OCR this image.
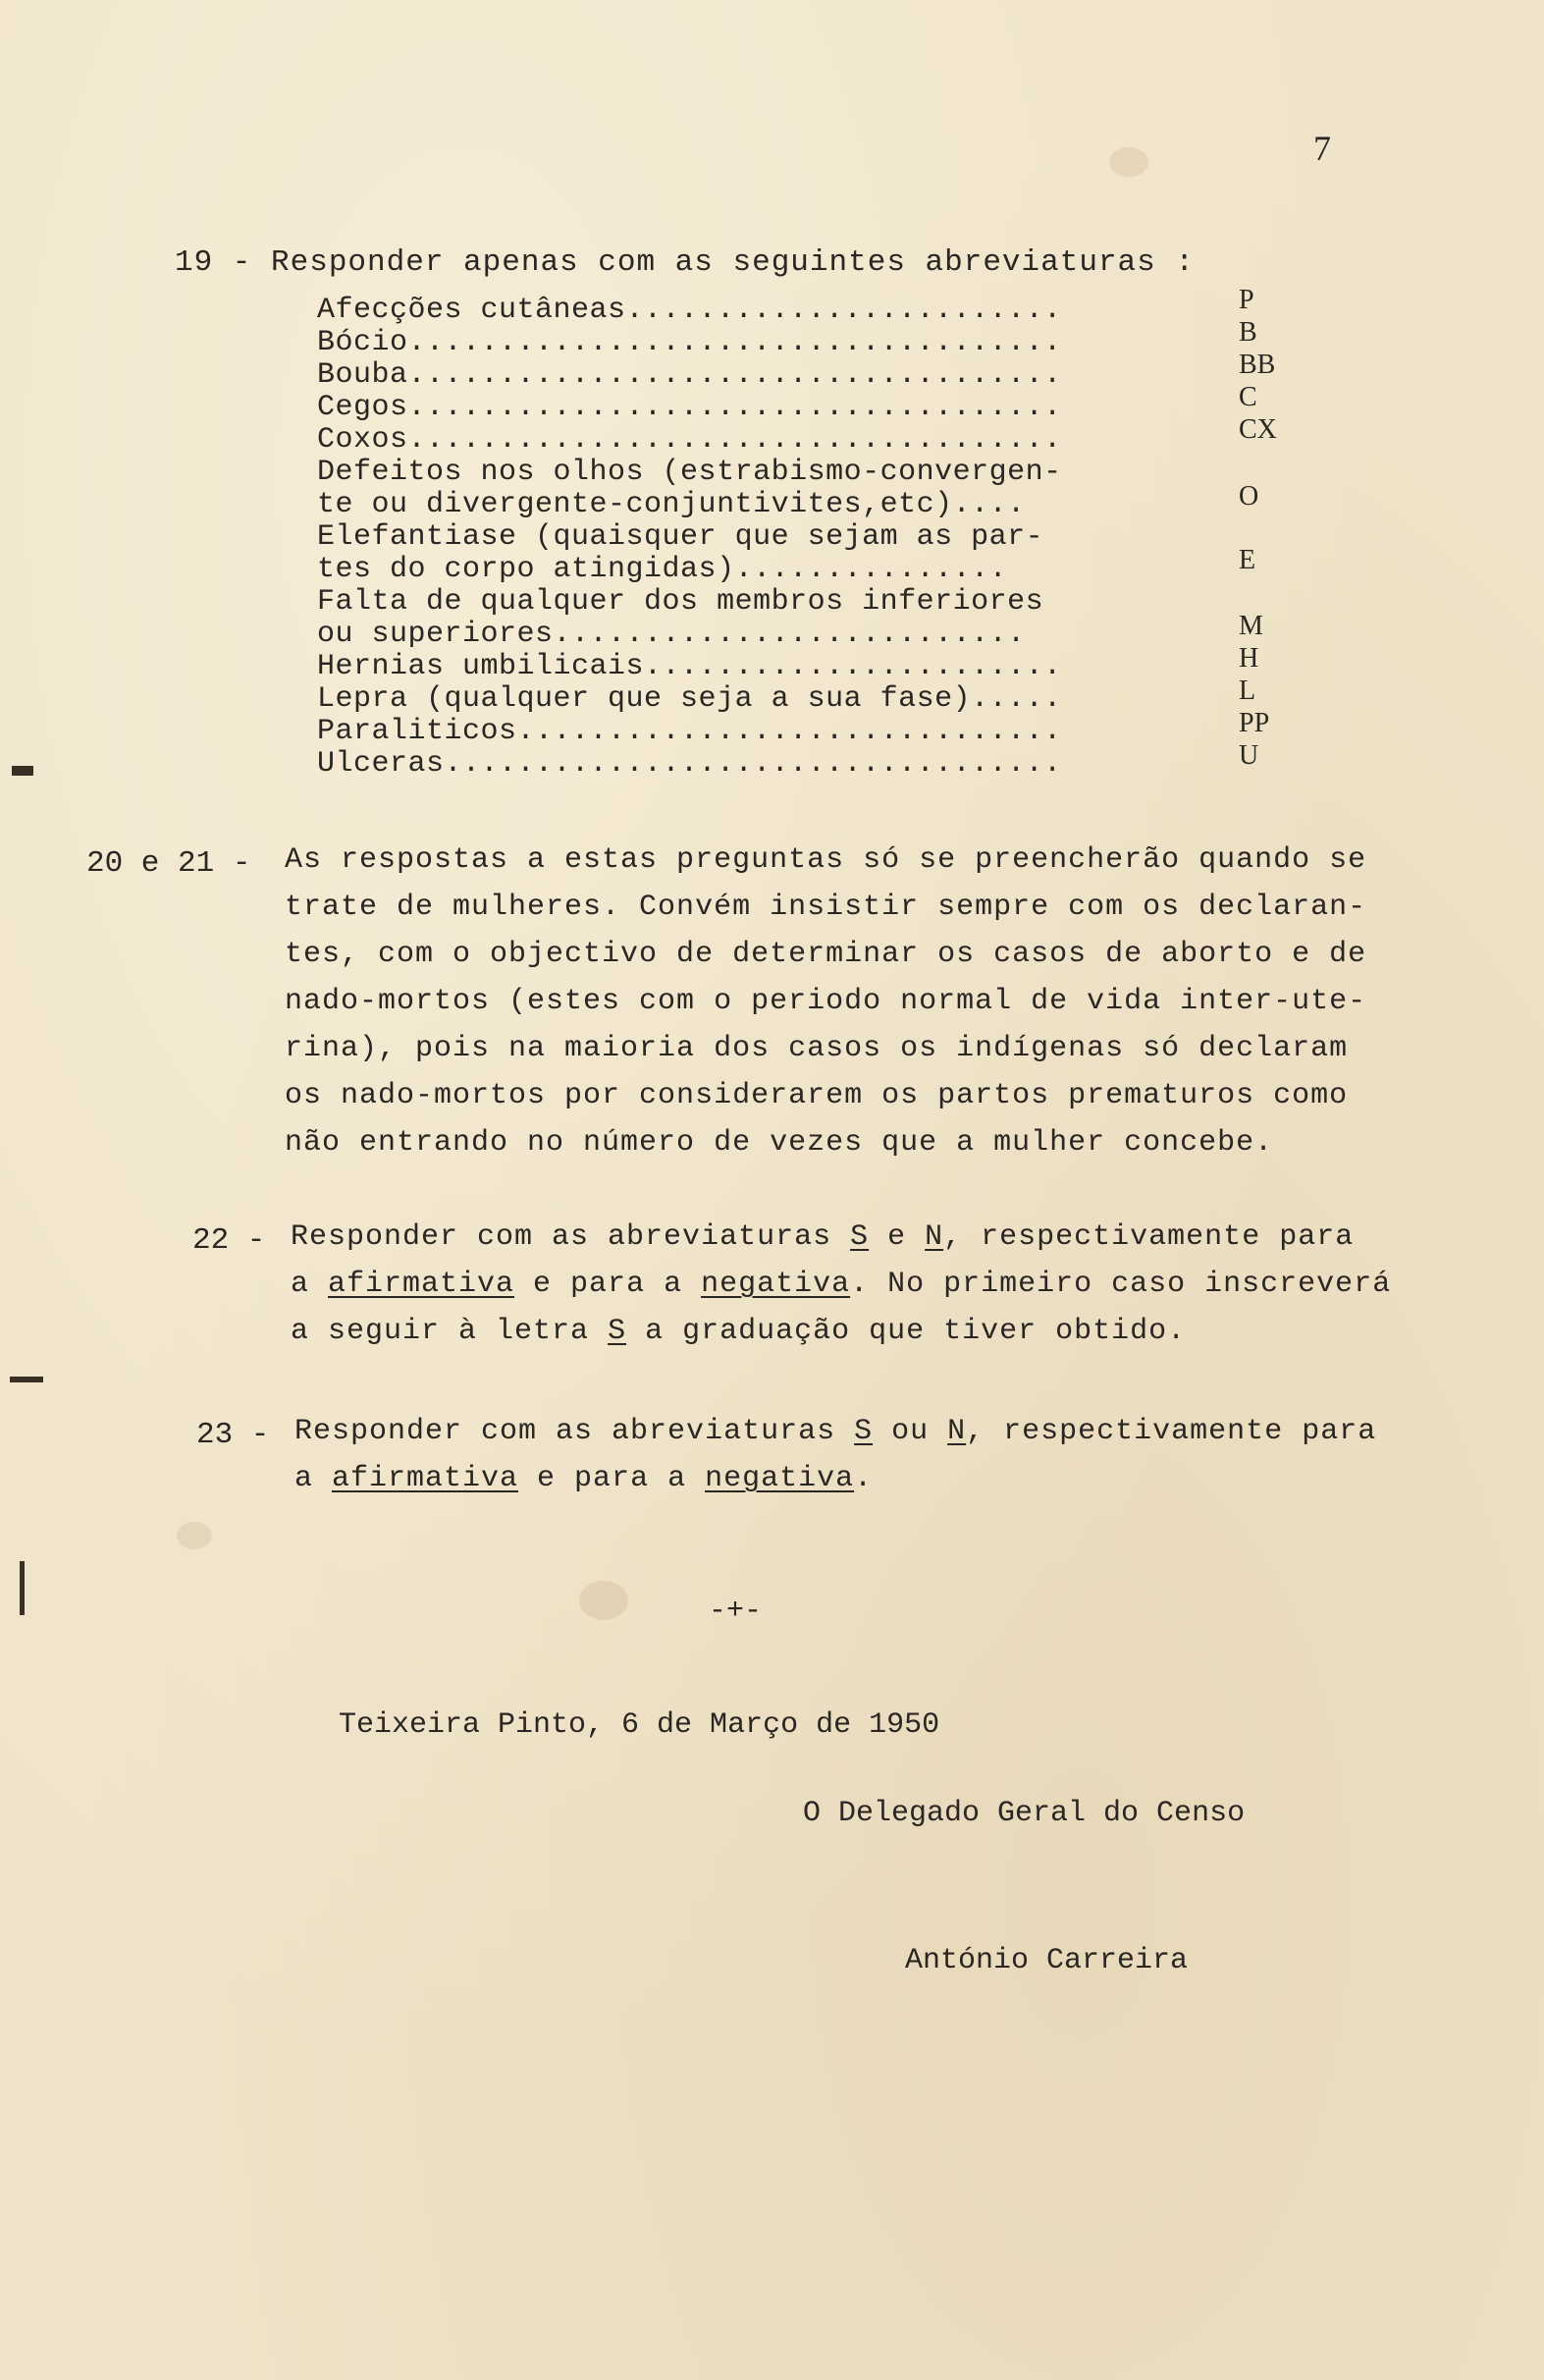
7
19 - Responder apenas com as seguintes abreviaturas :
Afecções cutâneas........................
Bócio....................................
Bouba....................................
Cegos....................................
Coxos....................................
Defeitos nos olhos (estrabismo-convergen-
te ou divergente-conjuntivites,etc)....
Elefantiase (quaisquer que sejam as par-
tes do corpo atingidas)...............
Falta de qualquer dos membros inferiores
ou superiores..........................
Hernias umbilicais.......................
Lepra (qualquer que seja a sua fase).....
Paraliticos..............................
Ulceras..................................
P
B
BB
C
CX
O
E
M
H
L
PP
U
20 e 21 - As respostas a estas preguntas só se preencherão quando se
trate de mulheres. Convém insistir sempre com os declaran-
tes, com o objectivo de determinar os casos de aborto e de
nado-mortos (estes com o periodo normal de vida inter-ute-
rina), pois na maioria dos casos os indígenas só declaram
os nado-mortos por considerarem os partos prematuros como
não entrando no número de vezes que a mulher concebe.
22 - Responder com as abreviaturas S e N, respectivamente para
a afirmativa e para a negativa. No primeiro caso inscreverá
a seguir à letra S a graduação que tiver obtido.
23 - Responder com as abreviaturas S ou N, respectivamente para
a afirmativa e para a negativa.
-+-
Teixeira Pinto, 6 de Março de 1950
O Delegado Geral do Censo
António Carreira
